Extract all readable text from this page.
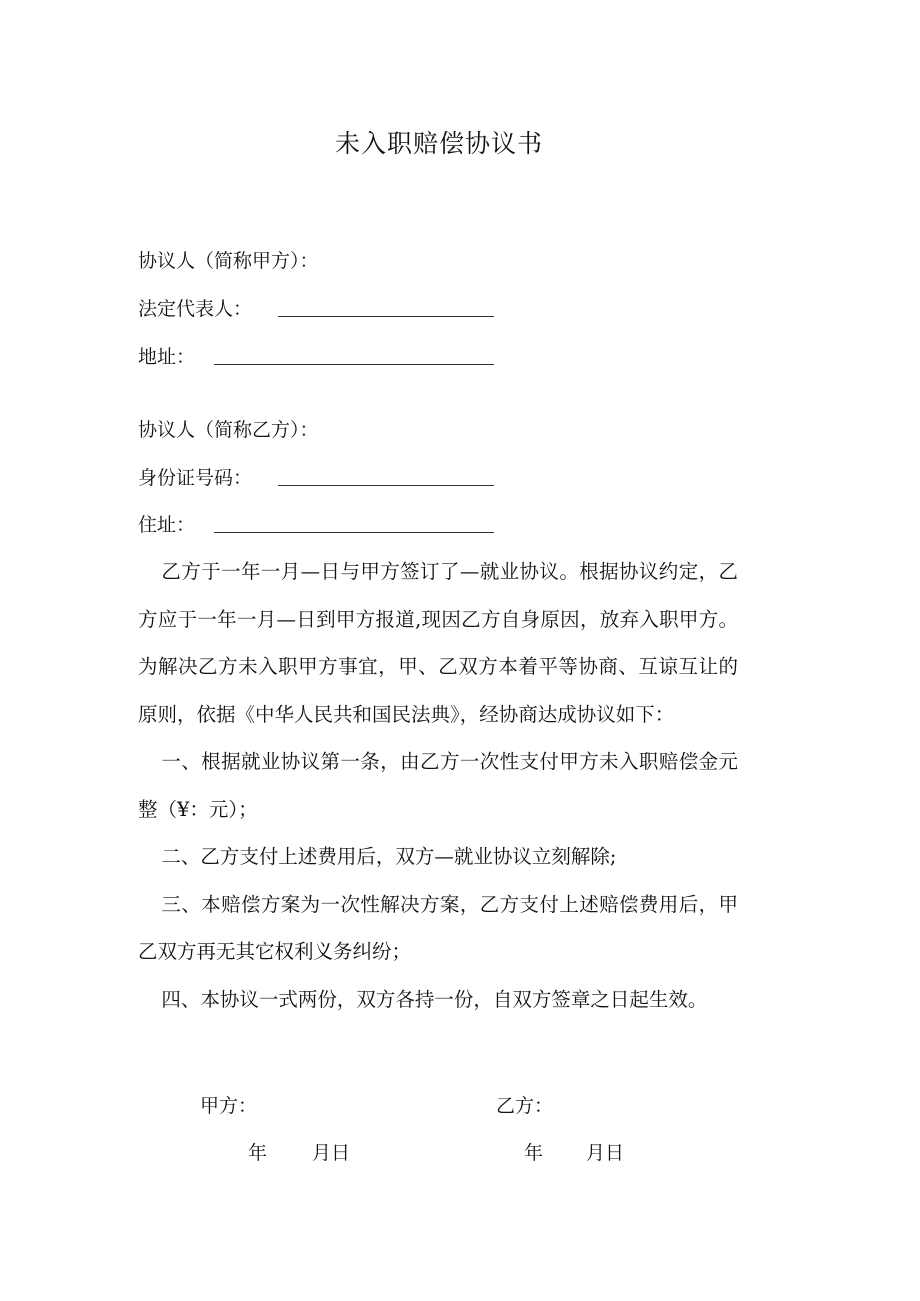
未入职赔偿协议书
协议人（简称甲方）：
法定代表人：
地址：
协议人（简称乙方）：
身份证号码：
住址：

乙方于一年一月—日与甲方签订了—就业协议。根据协议约定，乙方应于一年一月—日到甲方报道,现因乙方自身原因，放弃入职甲方。为解决乙方未入职甲方事宜，甲、乙双方本着平等协商、互谅互让的原则，依据《中华人民共和国民法典》，经协商达成协议如下：

一、根据就业协议第一条，由乙方一次性支付甲方未入职赔偿金元整（¥：元）；

二、乙方支付上述费用后，双方—就业协议立刻解除;

三、本赔偿方案为一次性解决方案，乙方支付上述赔偿费用后，甲乙双方再无其它权利义务纠纷；

四、本协议一式两份，双方各持一份，自双方签章之日起生效。

甲方：	乙方：
年 月日	年 月日
